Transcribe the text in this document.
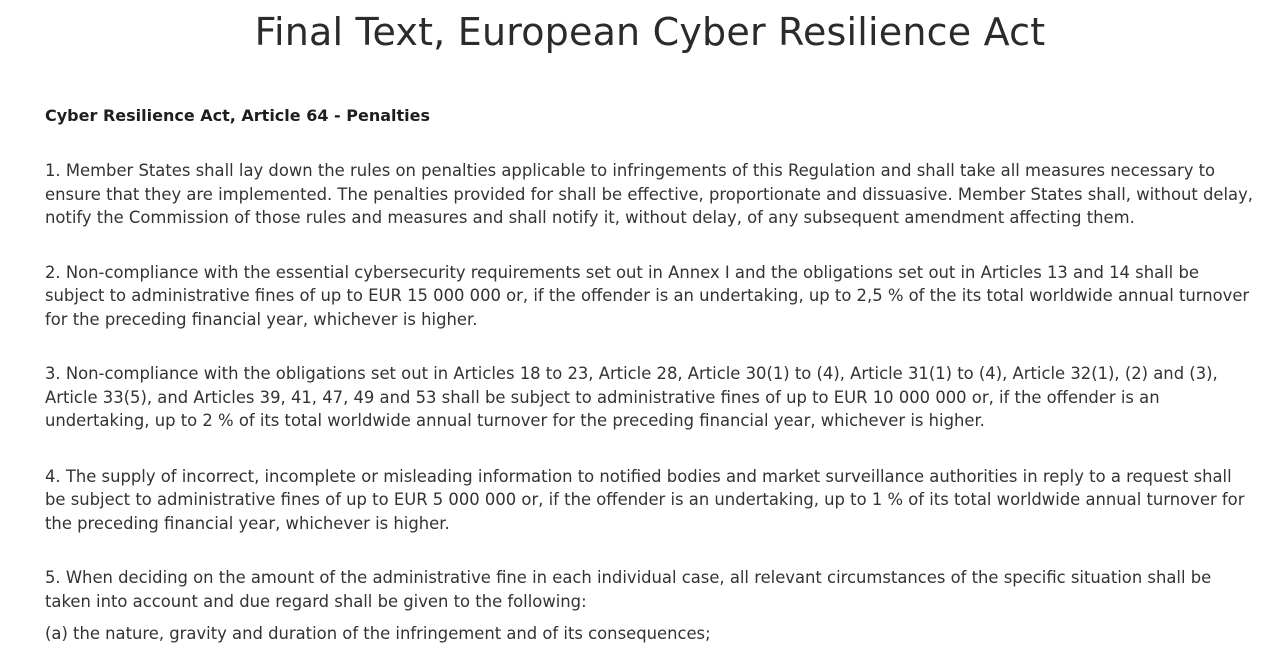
Final Text, European Cyber Resilience Act

Cyber Resilience Act, Article 64 - Penalties

1. Member States shall lay down the rules on penalties applicable to infringements of this Regulation and shall take all measures necessary to ensure that they are implemented. The penalties provided for shall be effective, proportionate and dissuasive. Member States shall, without delay, notify the Commission of those rules and measures and shall notify it, without delay, of any subsequent amendment affecting them.

2. Non-compliance with the essential cybersecurity requirements set out in Annex I and the obligations set out in Articles 13 and 14 shall be subject to administrative fines of up to EUR 15 000 000 or, if the offender is an undertaking, up to 2,5 % of the its total worldwide annual turnover for the preceding financial year, whichever is higher.

3. Non-compliance with the obligations set out in Articles 18 to 23, Article 28, Article 30(1) to (4), Article 31(1) to (4), Article 32(1), (2) and (3), Article 33(5), and Articles 39, 41, 47, 49 and 53 shall be subject to administrative fines of up to EUR 10 000 000 or, if the offender is an undertaking, up to 2 % of its total worldwide annual turnover for the preceding financial year, whichever is higher.

4. The supply of incorrect, incomplete or misleading information to notified bodies and market surveillance authorities in reply to a request shall be subject to administrative fines of up to EUR 5 000 000 or, if the offender is an undertaking, up to 1 % of its total worldwide annual turnover for the preceding financial year, whichever is higher.

5. When deciding on the amount of the administrative fine in each individual case, all relevant circumstances of the specific situation shall be taken into account and due regard shall be given to the following:

(a) the nature, gravity and duration of the infringement and of its consequences;
